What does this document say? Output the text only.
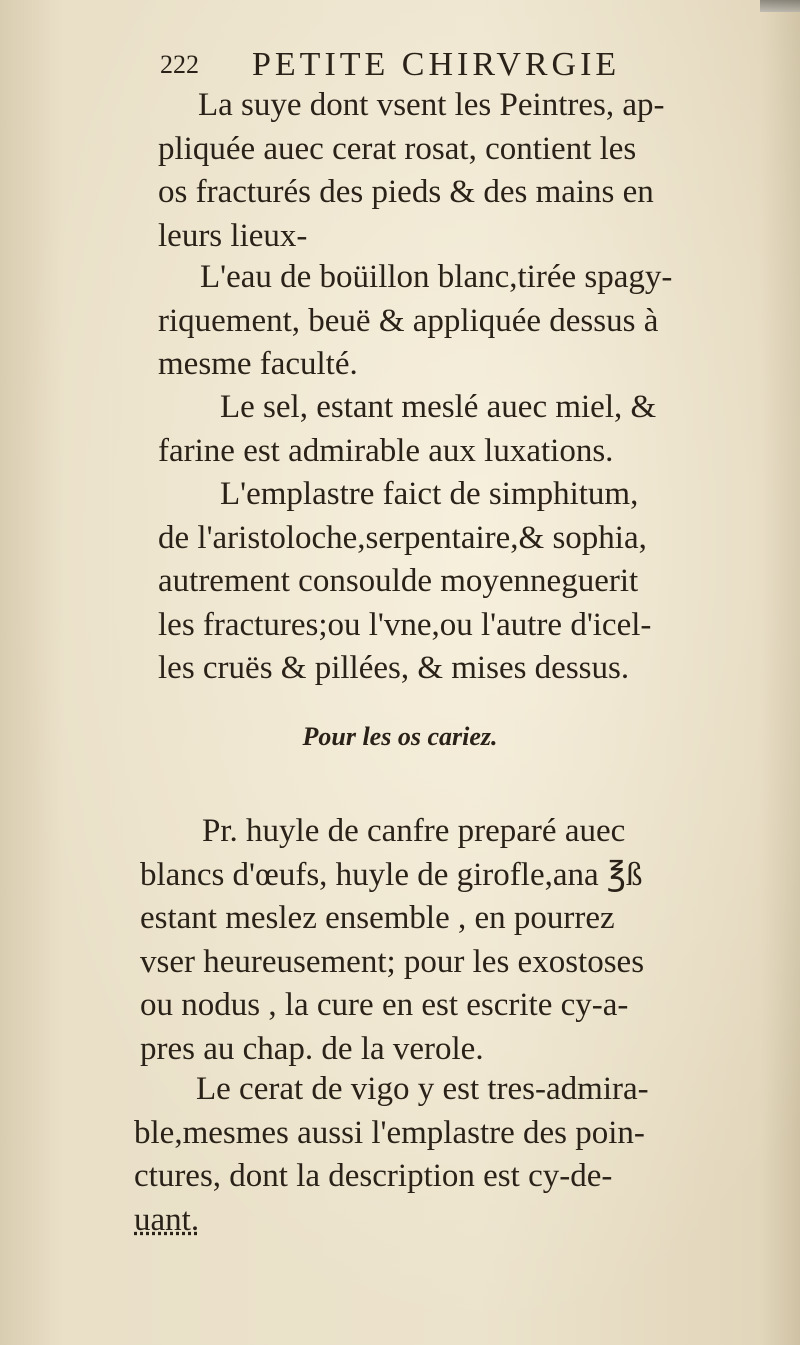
222 PETITE CHIRVRGIE
La suye dont vsent les Peintres, ap-
pliquée auec cerat rosat, contient les
os fracturés des pieds & des mains en
leurs lieux-
L'eau de boüillon blanc,tirée spagy-
riquement, beuë & appliquée dessus à
mesme faculté.
Le sel, estant meslé auec miel, &
farine est admirable aux luxations.
L'emplastre faict de simphitum,
de l'aristoloche,serpentaire,& sophia,
autrement consoulde moyenneguerit
les fractures;ou l'vne,ou l'autre d'icel-
les cruës & pillées, & mises dessus.
Pour les os cariez.
Pr. huyle de canfre preparé auec
blancs d'œufs, huyle de girofle,ana ℥ß
estant meslez ensemble , en pourrez
vser heureusement; pour les exostoses
ou nodus , la cure en est escrite cy-a-
pres au chap. de la verole.
Le cerat de vigo y est tres-admira-
ble,mesmes aussi l'emplastre des poin-
ctures, dont la description est cy-de-
uant.
